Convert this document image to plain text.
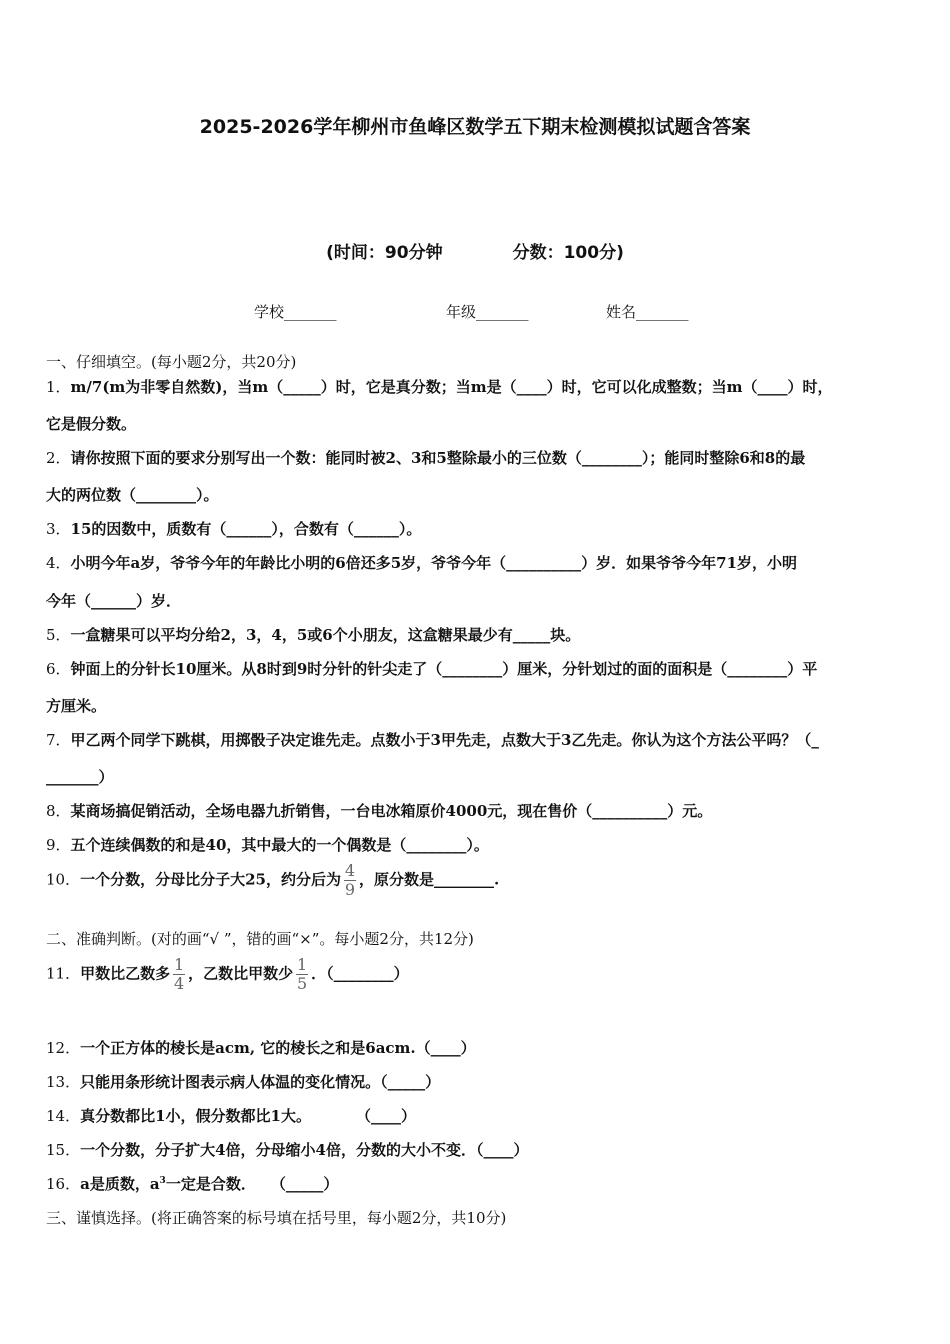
2025-2026学年柳州市鱼峰区数学五下期末检测模拟试题含答案
(时间：90分钟	分数：100分)
学校_______	年级_______	姓名_______
一、仔细填空。(每小题2分，共20分)
1．m/7(m为非零自然数)，当m（_____）时，它是真分数；当m是（____）时，它可以化成整数；当m（____）时，
它是假分数。
2．请你按照下面的要求分别写出一个数：能同时被2、3和5整除最小的三位数（________）；能同时整除6和8的最
大的两位数（________）。
3．15的因数中，质数有（______），合数有（______）。
4．小明今年a岁，爷爷今年的年龄比小明的6倍还多5岁，爷爷今年（__________）岁．如果爷爷今年71岁，小明
今年（______）岁．
5．一盒糖果可以平均分给2，3，4，5或6个小朋友，这盒糖果最少有_____块。
6．钟面上的分针长10厘米。从8时到9时分针的针尖走了（________）厘米，分针划过的面的面积是（________）平
方厘米。
7．甲乙两个同学下跳棋，用掷骰子决定谁先走。点数小于3甲先走，点数大于3乙先走。你认为这个方法公平吗？（_
_______）
8．某商场搞促销活动，全场电器九折销售，一台电冰箱原价4000元，现在售价（__________）元。
9．五个连续偶数的和是40，其中最大的一个偶数是（________）。
10．一个分数，分母比分子大25，约分后为 $\frac{4}{9}$ ，原分数是________.
二、准确判断。(对的画“√ ”，错的画“×”。每小题2分，共12分)
11．甲数比乙数多 $\frac{1}{4}$ ，乙数比甲数少 $\frac{1}{5}$ ．（________）
12．一个正方体的棱长是acm, 它的棱长之和是6acm.（____）
13．只能用条形统计图表示病人体温的变化情况。（_____）
14．真分数都比1小，假分数都比1大。　　　　（____）
15．一个分数，分子扩大4倍，分母缩小4倍，分数的大小不变．（____）
16．a是质数，$a^3$一定是合数．　　（_____）
三、谨慎选择。(将正确答案的标号填在括号里，每小题2分，共10分)
